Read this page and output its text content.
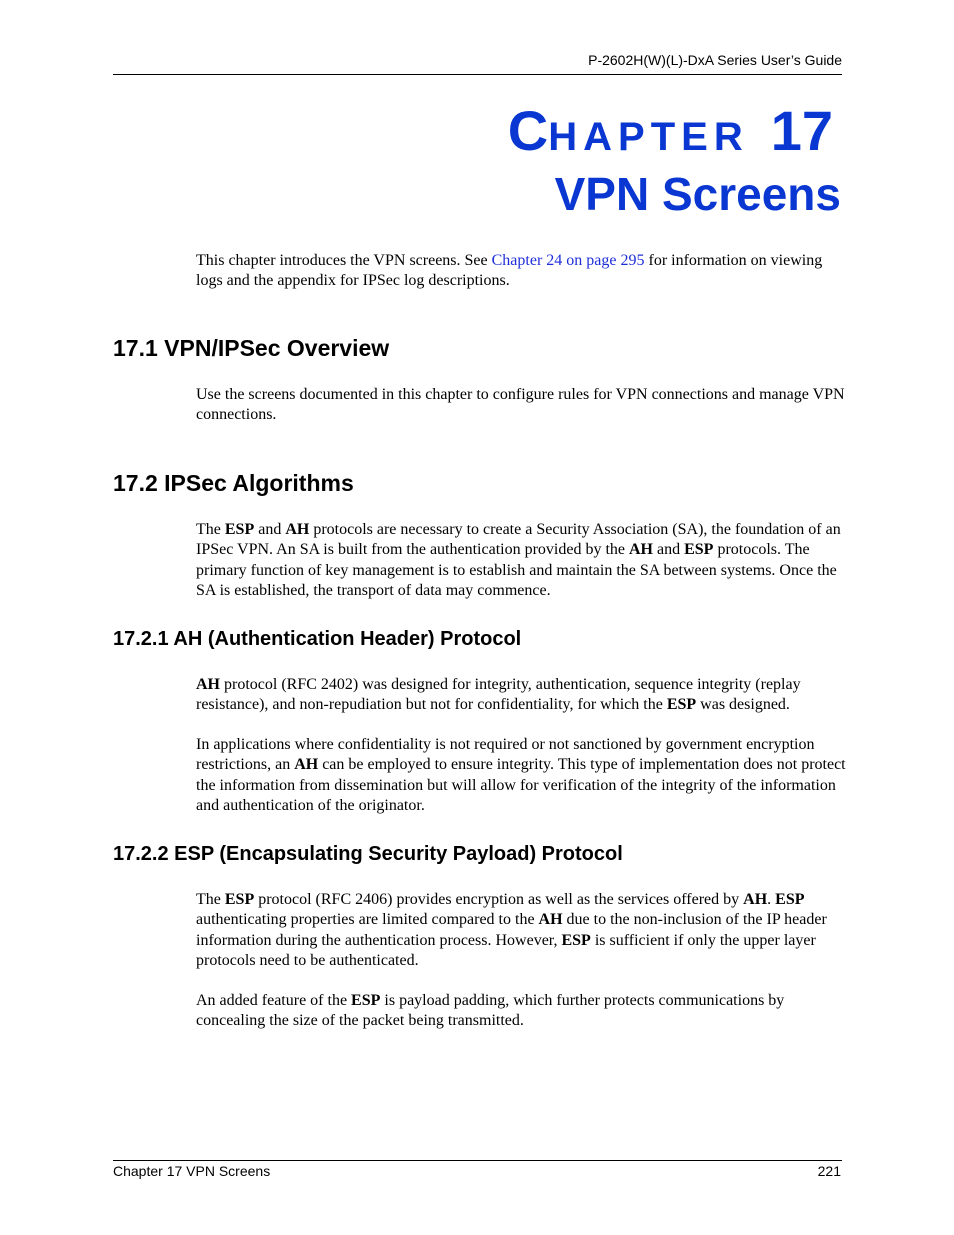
P-2602H(W)(L)-DxA Series User’s Guide
CHAPTER 17
VPN Screens
This chapter introduces the VPN screens. See Chapter 24 on page 295 for information on viewing logs and the appendix for IPSec log descriptions.
17.1 VPN/IPSec Overview
Use the screens documented in this chapter to configure rules for VPN connections and manage VPN connections.
17.2 IPSec Algorithms
The ESP and AH protocols are necessary to create a Security Association (SA), the foundation of an IPSec VPN. An SA is built from the authentication provided by the AH and ESP protocols. The primary function of key management is to establish and maintain the SA between systems. Once the SA is established, the transport of data may commence.
17.2.1 AH (Authentication Header) Protocol
AH protocol (RFC 2402) was designed for integrity, authentication, sequence integrity (replay resistance), and non-repudiation but not for confidentiality, for which the ESP was designed.
In applications where confidentiality is not required or not sanctioned by government encryption restrictions, an AH can be employed to ensure integrity. This type of implementation does not protect the information from dissemination but will allow for verification of the integrity of the information and authentication of the originator.
17.2.2 ESP (Encapsulating Security Payload) Protocol
The ESP protocol (RFC 2406) provides encryption as well as the services offered by AH. ESP authenticating properties are limited compared to the AH due to the non-inclusion of the IP header information during the authentication process. However, ESP is sufficient if only the upper layer protocols need to be authenticated.
An added feature of the ESP is payload padding, which further protects communications by concealing the size of the packet being transmitted.
Chapter 17 VPN Screens	221
